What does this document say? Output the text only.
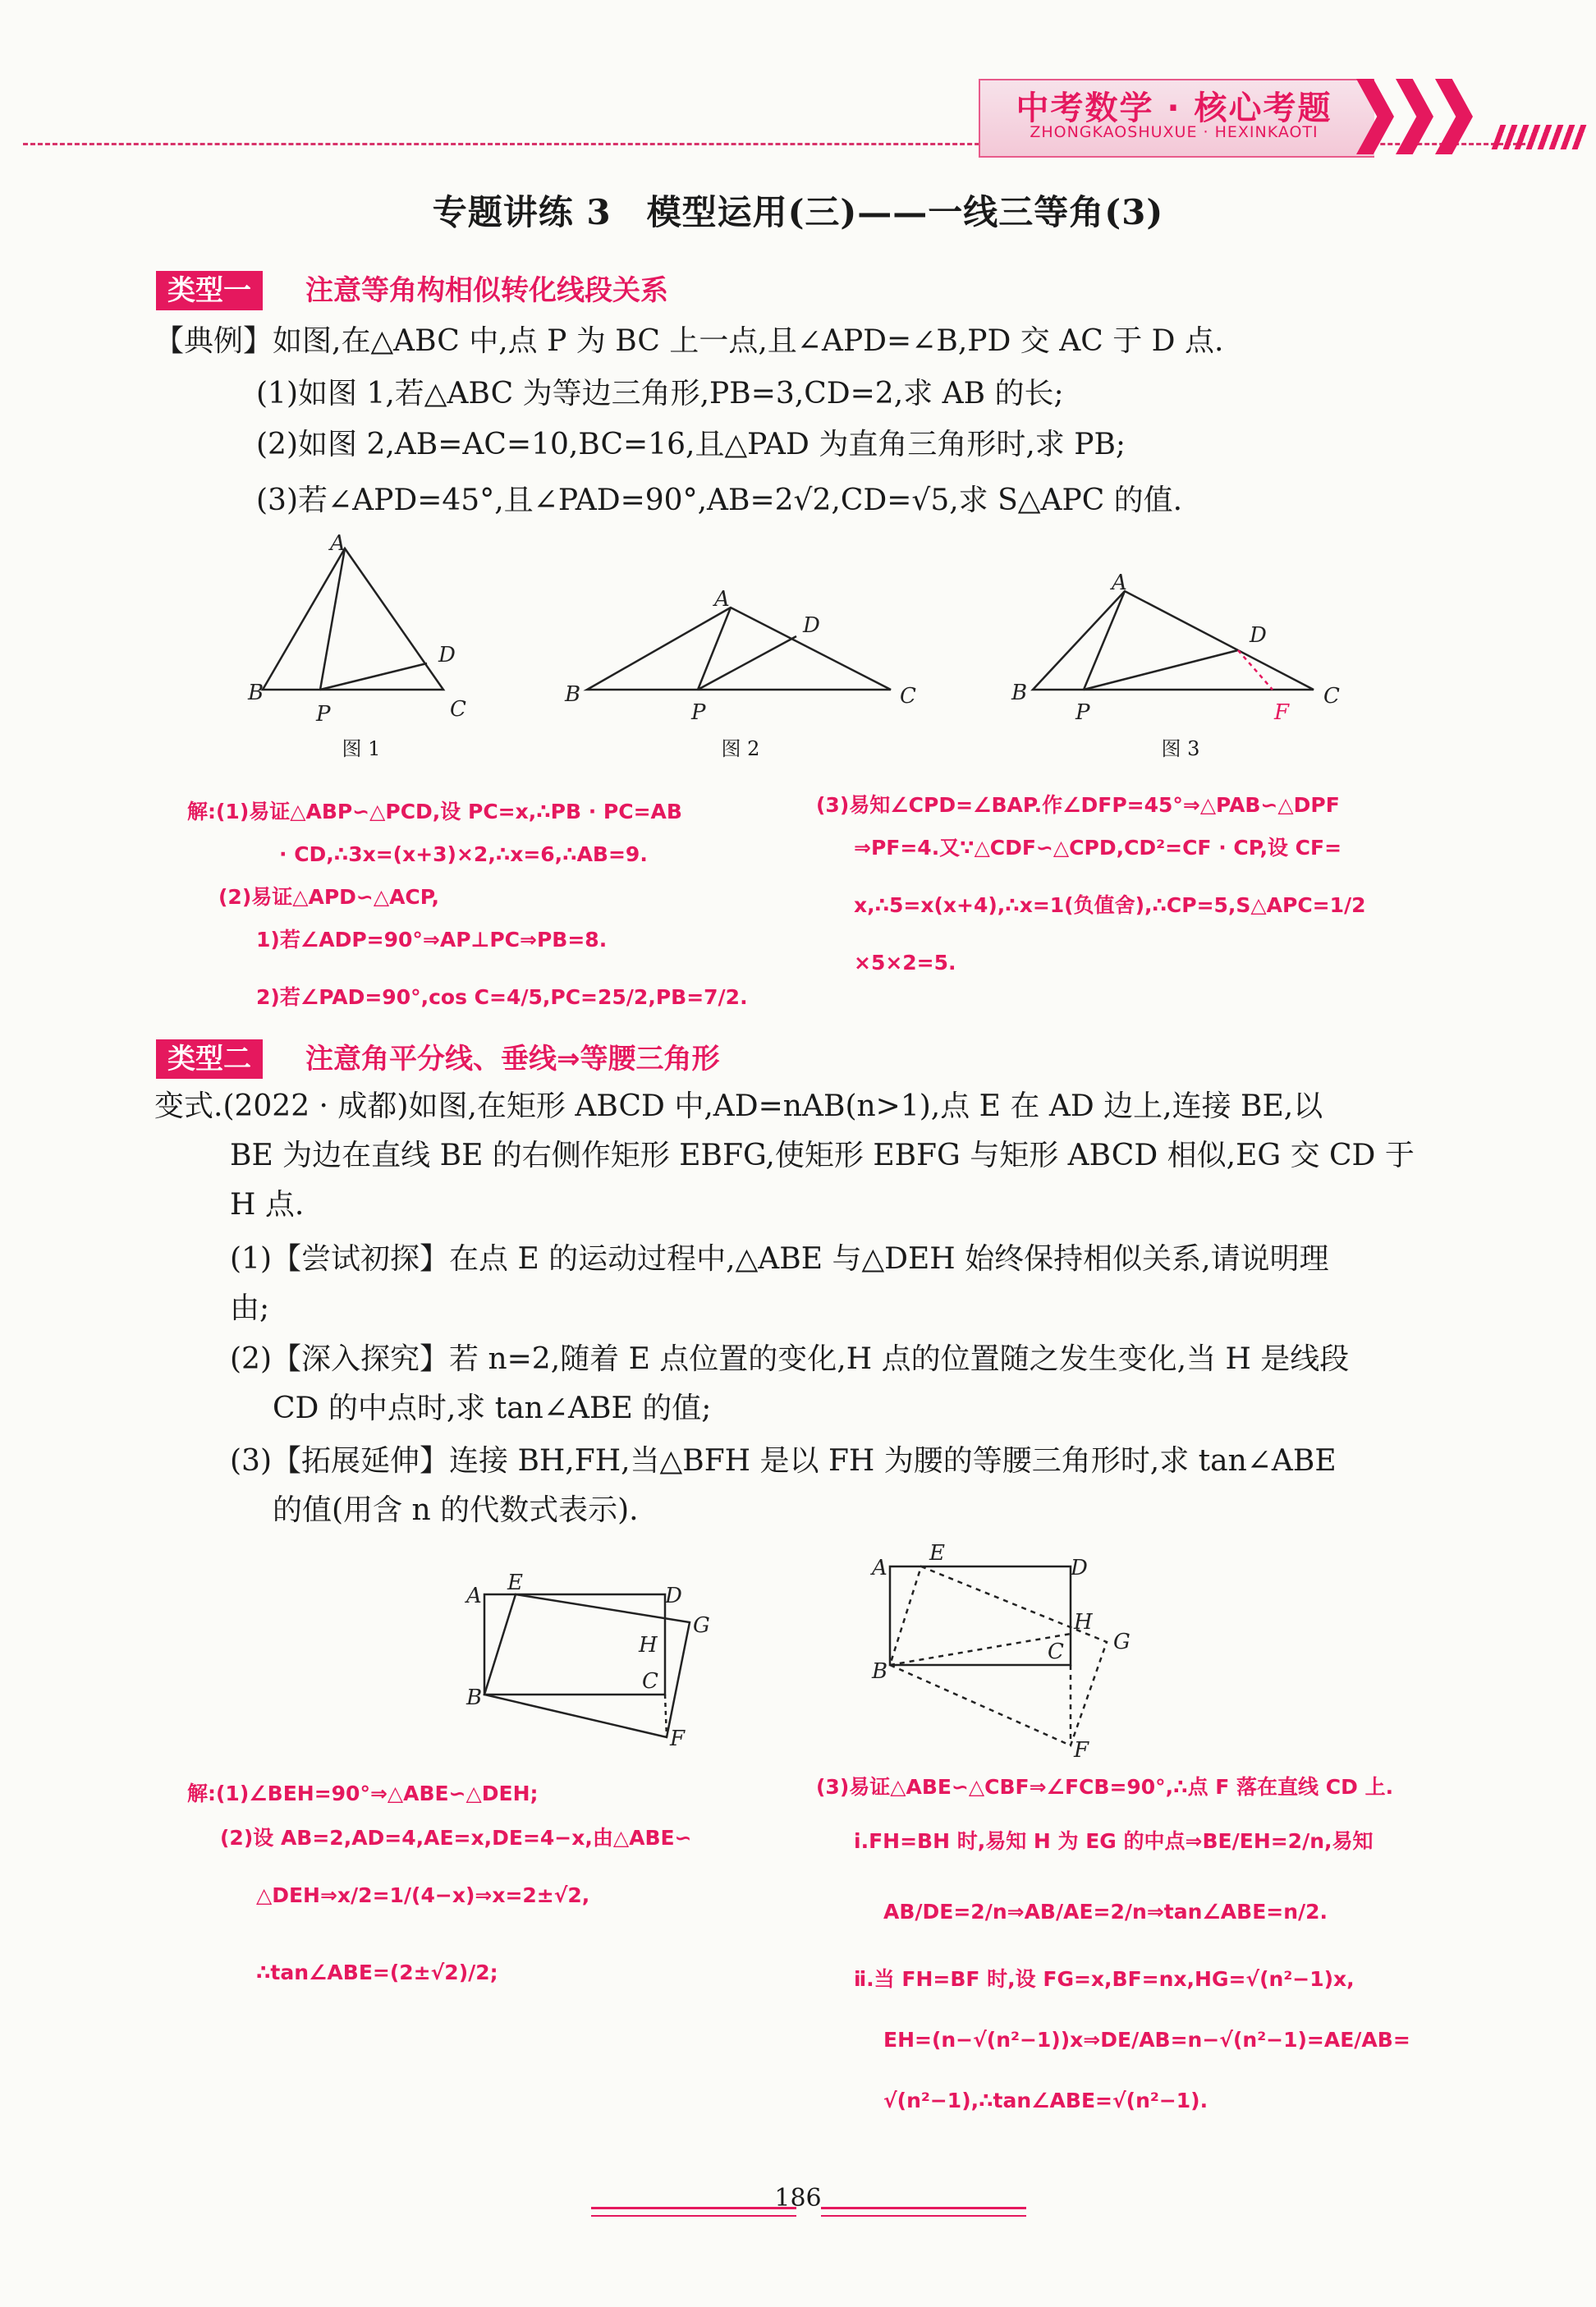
中考数学 · 核心考题
ZHONGKAOSHUXUE · HEXINKAOTI
专题讲练 3　模型运用(三)——一线三等角(3)
类型一	注意等角构相似转化线段关系
【典例】如图,在△ABC 中,点 P 为 BC 上一点,且∠APD=∠B,PD 交 AC 于 D 点.
(1)如图 1,若△ABC 为等边三角形,PB=3,CD=2,求 AB 的长;
(2)如图 2,AB=AC=10,BC=16,且△PAD 为直角三角形时,求 PB;
(3)若∠APD=45°,且∠PAD=90°,AB=2√2,CD=√5,求 S△APC 的值.
A
B
C
D
P
A
B	C
D
P
A
B	C
D
P	F
图 1	图 2	图 3
解:(1)易证△ABP∽△PCD,设 PC=x,∴PB · PC=AB
· CD,∴3x=(x+3)×2,∴x=6,∴AB=9.
(2)易证△APD∽△ACP,
1)若∠ADP=90°⇒AP⊥PC⇒PB=8.
2)若∠PAD=90°,cos C=4/5,PC=25/2,PB=7/2.
(3)易知∠CPD=∠BAP.作∠DFP=45°⇒△PAB∽△DPF
⇒PF=4.又∵△CDF∽△CPD,CD²=CF · CP,设 CF=
x,∴5=x(x+4),∴x=1(负值舍),∴CP=5,S△APC=1/2
×5×2=5.
类型二	注意角平分线、垂线⇒等腰三角形
变式.(2022 · 成都)如图,在矩形 ABCD 中,AD=nAB(n>1),点 E 在 AD 边上,连接 BE,以
BE 为边在直线 BE 的右侧作矩形 EBFG,使矩形 EBFG 与矩形 ABCD 相似,EG 交 CD 于
H 点.
(1)【尝试初探】在点 E 的运动过程中,△ABE 与△DEH 始终保持相似关系,请说明理
由;
(2)【深入探究】若 n=2,随着 E 点位置的变化,H 点的位置随之发生变化,当 H 是线段
CD 的中点时,求 tan∠ABE 的值;
(3)【拓展延伸】连接 BH,FH,当△BFH 是以 FH 为腰的等腰三角形时,求 tan∠ABE
的值(用含 n 的代数式表示).
A
E
D
B
C
H
G
F
A
E
D
B
C
H
G
F
解:(1)∠BEH=90°⇒△ABE∽△DEH;
(2)设 AB=2,AD=4,AE=x,DE=4−x,由△ABE∽
△DEH⇒x/2=1/(4−x)⇒x=2±√2,
∴tan∠ABE=(2±√2)/2;
(3)易证△ABE∽△CBF⇒∠FCB=90°,∴点 F 落在直线 CD 上.
ⅰ.FH=BH 时,易知 H 为 EG 的中点⇒BE/EH=2/n,易知
AB/DE=2/n⇒AB/AE=2/n⇒tan∠ABE=n/2.
ⅱ.当 FH=BF 时,设 FG=x,BF=nx,HG=√(n²−1)x,
EH=(n−√(n²−1))x⇒DE/AB=n−√(n²−1)=AE/AB=
√(n²−1),∴tan∠ABE=√(n²−1).
186
